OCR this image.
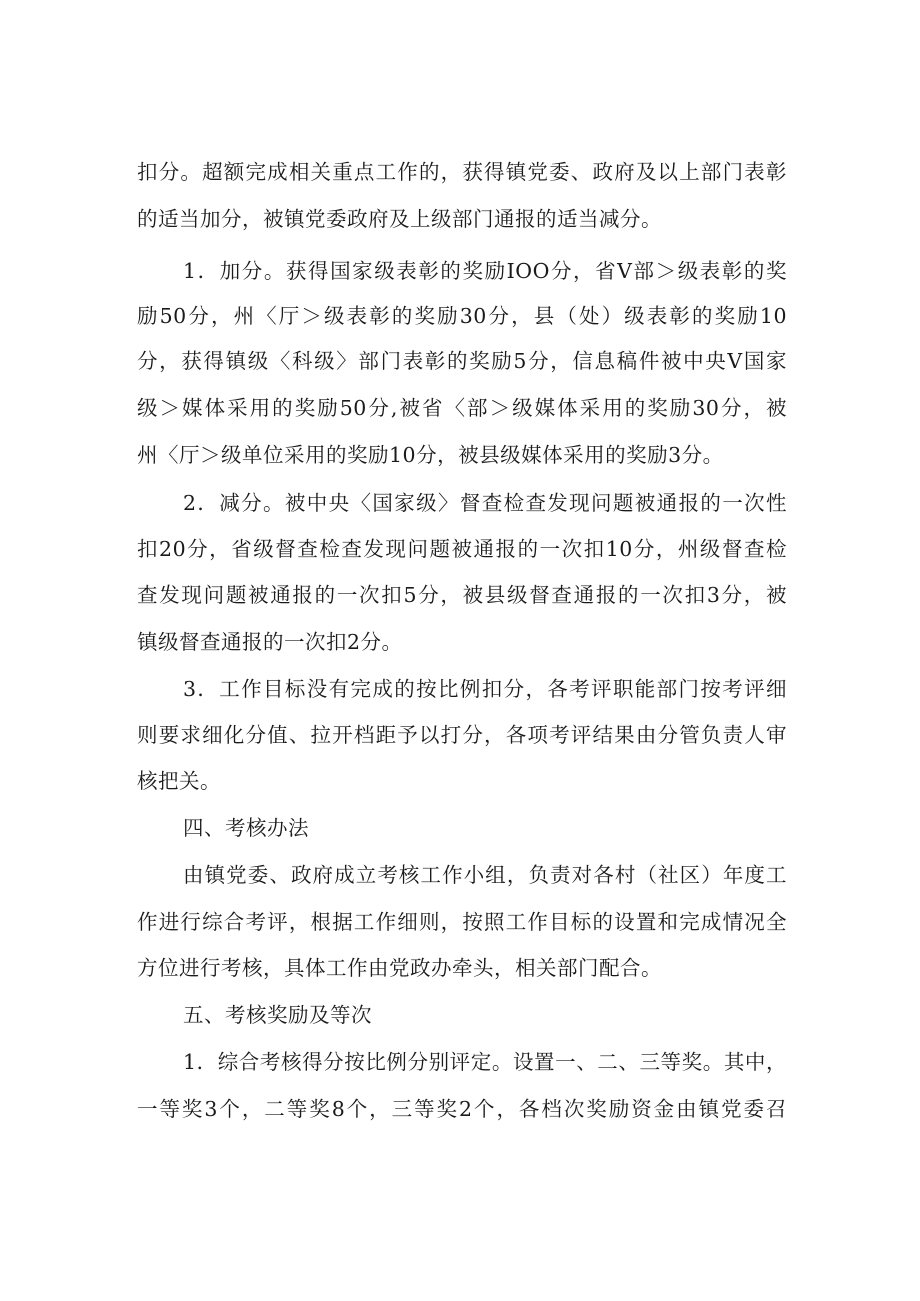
扣分。超额完成相关重点工作的，获得镇党委、政府及以上部门表彰
的适当加分，被镇党委政府及上级部门通报的适当减分。
1．加分。获得国家级表彰的奖励IOO分，省V部＞级表彰的奖
励50分，州〈厅＞级表彰的奖励30分，县（处）级表彰的奖励10
分，获得镇级〈科级〉部门表彰的奖励5分，信息稿件被中央V国家
级＞媒体采用的奖励50分,被省〈部＞级媒体采用的奖励30分，被
州〈厅＞级单位采用的奖励10分，被县级媒体采用的奖励3分。
2．减分。被中央〈国家级〉督查检查发现问题被通报的一次性
扣20分，省级督查检查发现问题被通报的一次扣10分，州级督查检
查发现问题被通报的一次扣5分，被县级督查通报的一次扣3分，被
镇级督查通报的一次扣2分。
3．工作目标没有完成的按比例扣分，各考评职能部门按考评细
则要求细化分值、拉开档距予以打分，各项考评结果由分管负责人审
核把关。
四、考核办法
由镇党委、政府成立考核工作小组，负责对各村（社区）年度工
作进行综合考评，根据工作细则，按照工作目标的设置和完成情况全
方位进行考核，具体工作由党政办牵头，相关部门配合。
五、考核奖励及等次
1．综合考核得分按比例分别评定。设置一、二、三等奖。其中，
一等奖3个，二等奖8个，三等奖2个，各档次奖励资金由镇党委召
